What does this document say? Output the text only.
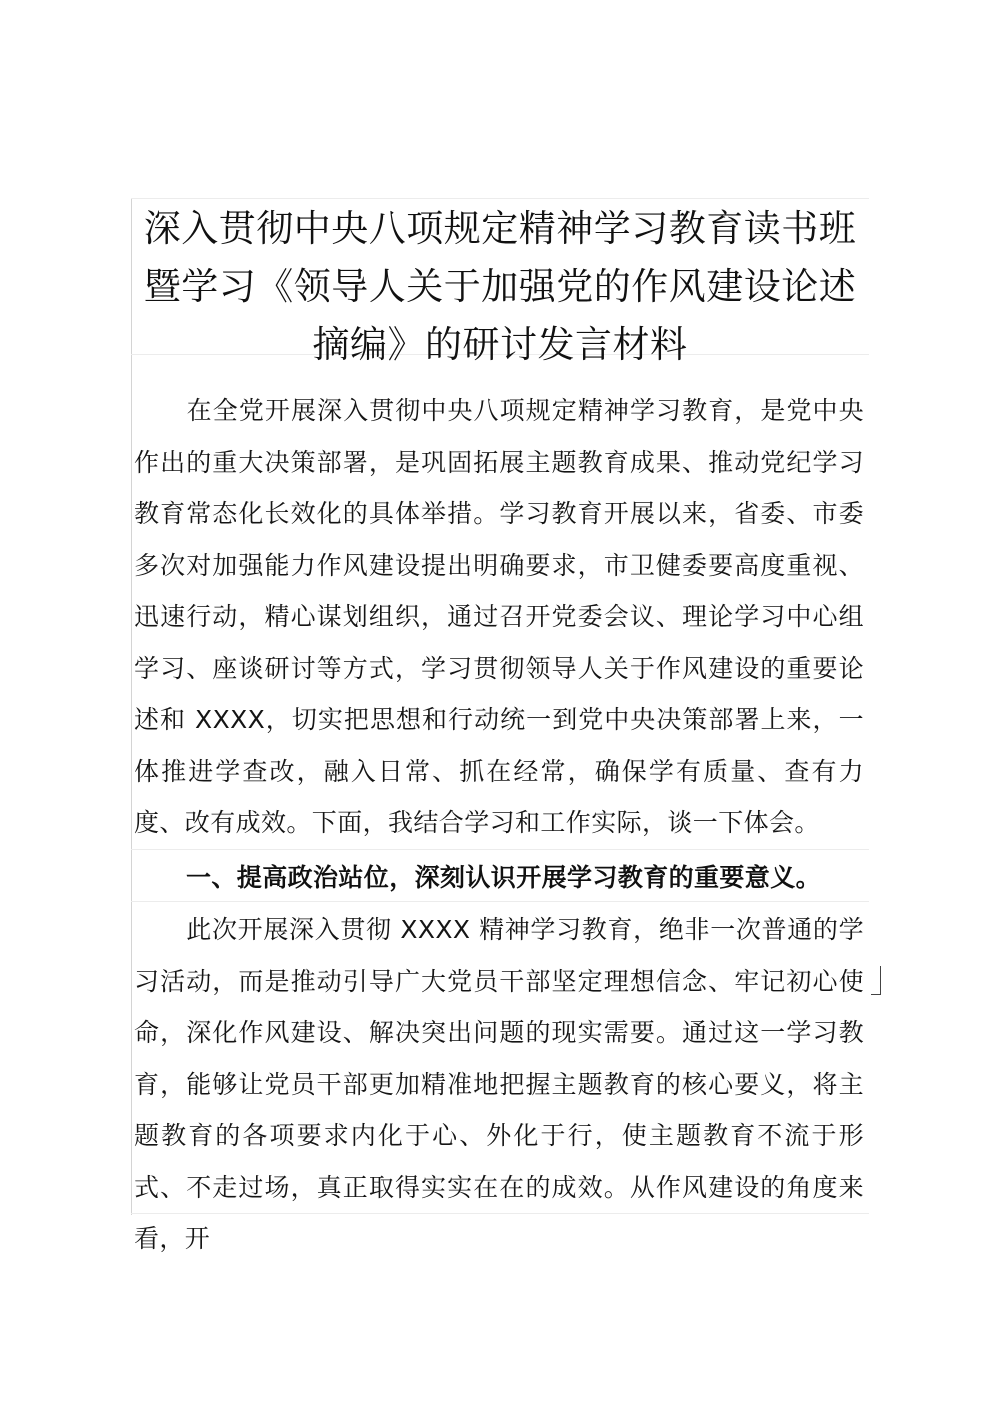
深入贯彻中央八项规定精神学习教育读书班暨学习《领导人关于加强党的作风建设论述摘编》的研讨发言材料

在全党开展深入贯彻中央八项规定精神学习教育，是党中央作出的重大决策部署，是巩固拓展主题教育成果、推动党纪学习教育常态化长效化的具体举措。学习教育开展以来，省委、市委多次对加强能力作风建设提出明确要求，市卫健委要高度重视、迅速行动，精心谋划组织，通过召开党委会议、理论学习中心组学习、座谈研讨等方式，学习贯彻领导人关于作风建设的重要论述和 XXXX，切实把思想和行动统一到党中央决策部署上来，一体推进学查改，融入日常、抓在经常，确保学有质量、查有力度、改有成效。下面，我结合学习和工作实际，谈一下体会。

一、提高政治站位，深刻认识开展学习教育的重要意义。

此次开展深入贯彻 XXXX 精神学习教育，绝非一次普通的学习活动，而是推动引导广大党员干部坚定理想信念、牢记初心使命，深化作风建设、解决突出问题的现实需要。通过这一学习教育，能够让党员干部更加精准地把握主题教育的核心要义，将主题教育的各项要求内化于心、外化于行，使主题教育不流于形式、不走过场，真正取得实实在在的成效。从作风建设的角度来看，开
